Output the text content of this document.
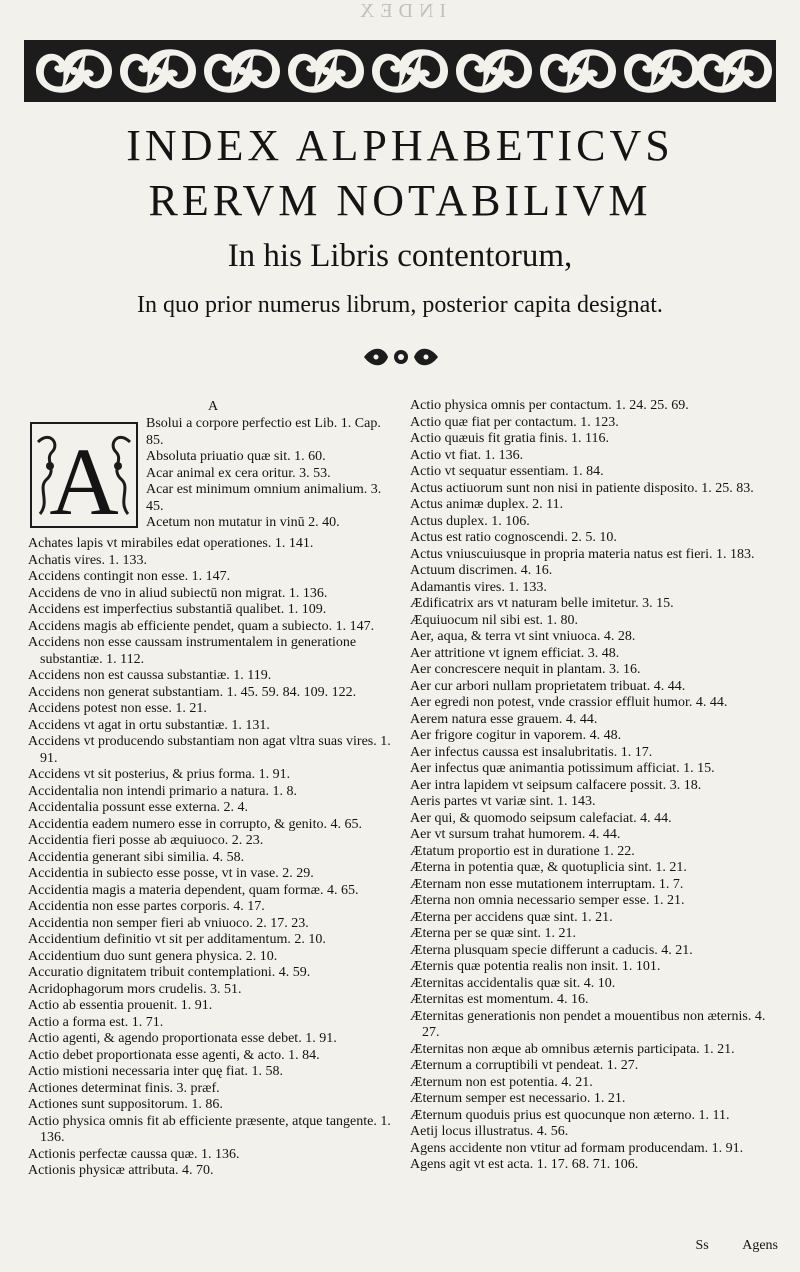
INDEX
INDEX ALPHABETICVS
RERVM NOTABILIVM
In his Libris contentorum,
In quo prior numerus librum, posterior capita designat.
A
A

Bsolui a corpore perfectio est Lib. 1. Cap. 85.

Absoluta priuatio quæ sit. 1. 60.

Acar animal ex cera oritur. 3. 53.

Acar est minimum omnium animalium. 3. 45.

Acetum non mutatur in vinū 2. 40.

Achates lapis vt mirabiles edat operationes. 1. 141.

Achatis vires. 1. 133.

Accidens contingit non esse. 1. 147.

Accidens de vno in aliud subiectū non migrat. 1. 136.

Accidens est imperfectius substantiā qualibet. 1. 109.

Accidens magis ab efficiente pendet, quam a subiecto. 1. 147.

Accidens non esse caussam instrumentalem in generatione substantiæ. 1. 112.

Accidens non est caussa substantiæ. 1. 119.

Accidens non generat substantiam. 1. 45. 59. 84. 109. 122.

Accidens potest non esse. 1. 21.

Accidens vt agat in ortu substantiæ. 1. 131.

Accidens vt producendo substantiam non agat vltra suas vires. 1. 91.

Accidens vt sit posterius, & prius forma. 1. 91.

Accidentalia non intendi primario a natura. 1. 8.

Accidentalia possunt esse externa. 2. 4.

Accidentia eadem numero esse in corrupto, & genito. 4. 65.

Accidentia fieri posse ab æquiuoco. 2. 23.

Accidentia generant sibi similia. 4. 58.

Accidentia in subiecto esse posse, vt in vase. 2. 29.

Accidentia magis a materia dependent, quam formæ. 4. 65.

Accidentia non esse partes corporis. 4. 17.

Accidentia non semper fieri ab vniuoco. 2. 17. 23.

Accidentium definitio vt sit per additamentum. 2. 10.

Accidentium duo sunt genera physica. 2. 10.

Accuratio dignitatem tribuit contemplationi. 4. 59.

Acridophagorum mors crudelis. 3. 51.

Actio ab essentia prouenit. 1. 91.

Actio a forma est. 1. 71.

Actio agenti, & agendo proportionata esse debet. 1. 91.

Actio debet proportionata esse agenti, & acto. 1. 84.

Actio mistioni necessaria inter quę fiat. 1. 58.

Actiones determinat finis. 3. præf.

Actiones sunt suppositorum. 1. 86.

Actio physica omnis fit ab efficiente præsente, atque tangente. 1. 136.

Actionis perfectæ caussa quæ. 1. 136.

Actionis physicæ attributa. 4. 70.

Actio physica omnis per contactum. 1. 24. 25. 69.

Actio quæ fiat per contactum. 1. 123.

Actio quæuis fit gratia finis. 1. 116.

Actio vt fiat. 1. 136.

Actio vt sequatur essentiam. 1. 84.

Actus actiuorum sunt non nisi in patiente disposito. 1. 25. 83.

Actus animæ duplex. 2. 11.

Actus duplex. 1. 106.

Actus est ratio cognoscendi. 2. 5. 10.

Actus vniuscuiusque in propria materia natus est fieri. 1. 183.

Actuum discrimen. 4. 16.

Adamantis vires. 1. 133.

Ædificatrix ars vt naturam belle imitetur. 3. 15.

Æquiuocum nil sibi est. 1. 80.

Aer, aqua, & terra vt sint vniuoca. 4. 28.

Aer attritione vt ignem efficiat. 3. 48.

Aer concrescere nequit in plantam. 3. 16.

Aer cur arbori nullam proprietatem tribuat. 4. 44.

Aer egredi non potest, vnde crassior effluit humor. 4. 44.

Aerem natura esse grauem. 4. 44.

Aer frigore cogitur in vaporem. 4. 48.

Aer infectus caussa est insalubritatis. 1. 17.

Aer infectus quæ animantia potissimum afficiat. 1. 15.

Aer intra lapidem vt seipsum calfacere possit. 3. 18.

Aeris partes vt variæ sint. 1. 143.

Aer qui, & quomodo seipsum calefaciat. 4. 44.

Aer vt sursum trahat humorem. 4. 44.

Ætatum proportio est in duratione 1. 22.

Æterna in potentia quæ, & quotuplicia sint. 1. 21.

Æternam non esse mutationem interruptam. 1. 7.

Æterna non omnia necessario semper esse. 1. 21.

Æterna per accidens quæ sint. 1. 21.

Æterna per se quæ sint. 1. 21.

Æterna plusquam specie differunt a caducis. 4. 21.

Æternis quæ potentia realis non insit. 1. 101.

Æternitas accidentalis quæ sit. 4. 10.

Æternitas est momentum. 4. 16.

Æternitas generationis non pendet a mouentibus non æternis. 4. 27.

Æternitas non æque ab omnibus æternis participata. 1. 21.

Æternum a corruptibili vt pendeat. 1. 27.

Æternum non est potentia. 4. 21.

Æternum semper est necessario. 1. 21.

Æternum quoduis prius est quocunque non æterno. 1. 11.

Aetij locus illustratus. 4. 56.

Agens accidente non vtitur ad formam producendam. 1. 91.

Agens agit vt est acta. 1. 17. 68. 71. 106.

Ss Agens
